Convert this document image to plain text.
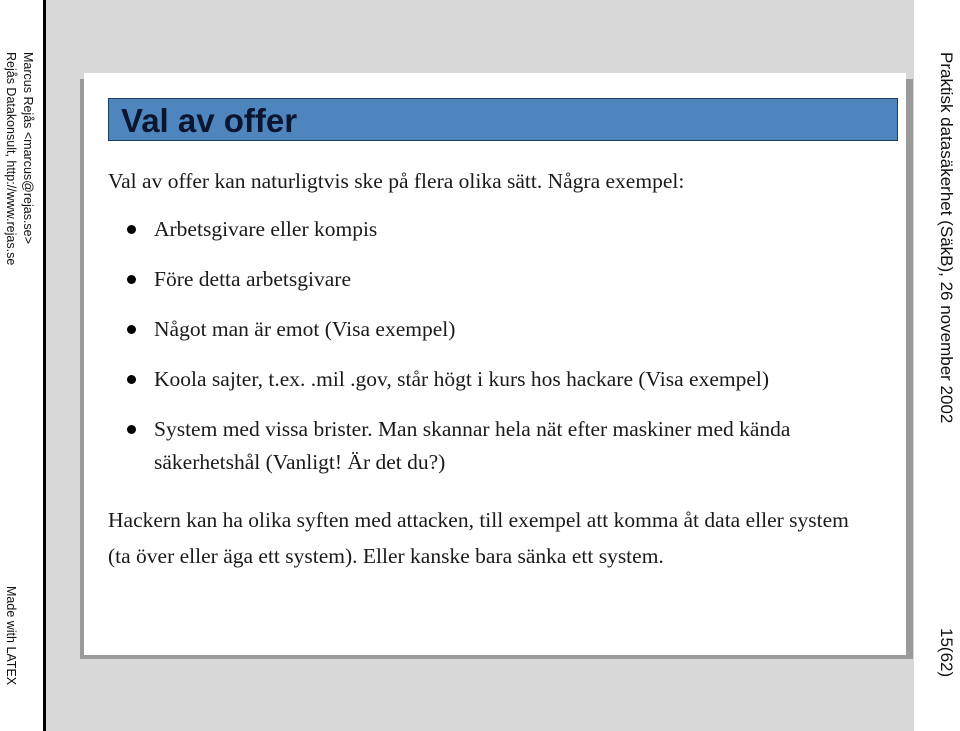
Marcus Rejås <marcus@rejas.se>
Rejås Datakonsult, http://www.rejas.se
Made with LATEX
Praktisk datasäkerhet (SäkB), 26 november 2002
15(62)
Val av offer
Val av offer kan naturligtvis ske på flera olika sätt. Några exempel:
Arbetsgivare eller kompis
Före detta arbetsgivare
Något man är emot (Visa exempel)
Koola sajter, t.ex. .mil .gov, står högt i kurs hos hackare (Visa exempel)
System med vissa brister. Man skannar hela nät efter maskiner med kända säkerhetshål (Vanligt! Är det du?)
Hackern kan ha olika syften med attacken, till exempel att komma åt data eller system (ta över eller äga ett system). Eller kanske bara sänka ett system.
